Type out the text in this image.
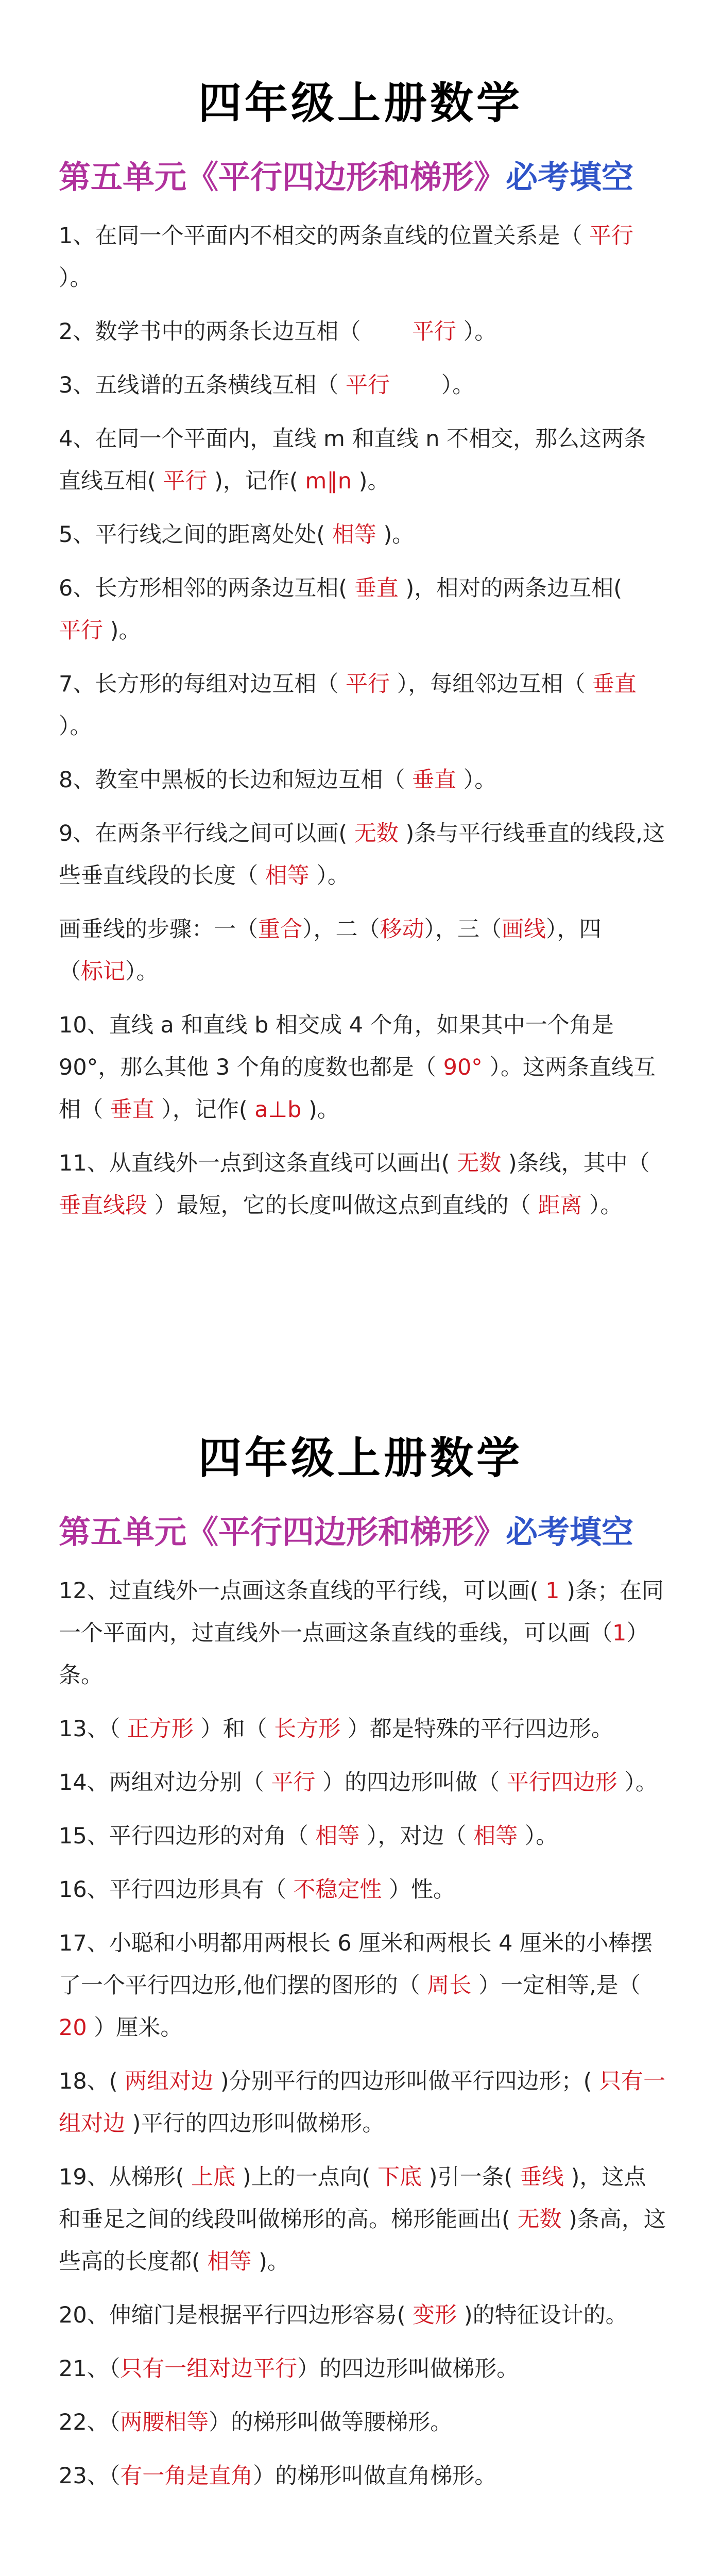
四年级上册数学
第五单元《平行四边形和梯形》必考填空
1、在同一个平面内不相交的两条直线的位置关系是（ 平行 ）。
2、数学书中的两条长边互相（ 　　平行 ）。
3、五线谱的五条横线互相（ 平行　　 ）。
4、在同一个平面内，直线 m 和直线 n 不相交，那么这两条直线互相( 平行 )，记作( m∥n )。
5、平行线之间的距离处处( 相等 )。
6、长方形相邻的两条边互相( 垂直 )，相对的两条边互相( 平行 )。
7、长方形的每组对边互相（ 平行 ），每组邻边互相（ 垂直 ）。
8、教室中黑板的长边和短边互相（ 垂直 ）。
9、在两条平行线之间可以画( 无数 )条与平行线垂直的线段,这些垂直线段的长度（ 相等 ）。
画垂线的步骤：一（重合），二（移动），三（画线），四（标记）。
10、直线 a 和直线 b 相交成 4 个角，如果其中一个角是 90°，那么其他 3 个角的度数也都是（ 90° ）。这两条直线互相（ 垂直 ），记作( a⊥b )。
11、从直线外一点到这条直线可以画出( 无数 )条线，其中（ 垂直线段 ）最短，它的长度叫做这点到直线的（ 距离 ）。
四年级上册数学
第五单元《平行四边形和梯形》必考填空
12、过直线外一点画这条直线的平行线，可以画( 1 )条；在同一个平面内，过直线外一点画这条直线的垂线，可以画（1）条。
13、（ 正方形 ）和（ 长方形 ）都是特殊的平行四边形。
14、两组对边分别（ 平行 ）的四边形叫做（ 平行四边形 ）。
15、平行四边形的对角（ 相等 ），对边（ 相等 ）。
16、平行四边形具有（ 不稳定性 ）性。
17、小聪和小明都用两根长 6 厘米和两根长 4 厘米的小棒摆了一个平行四边形,他们摆的图形的（ 周长 ）一定相等,是（ 20 ）厘米。
18、( 两组对边 )分别平行的四边形叫做平行四边形；( 只有一组对边 )平行的四边形叫做梯形。
19、从梯形( 上底 )上的一点向( 下底 )引一条( 垂线 )，这点和垂足之间的线段叫做梯形的高。梯形能画出( 无数 )条高，这些高的长度都( 相等 )。
20、伸缩门是根据平行四边形容易( 变形 )的特征设计的。
21、（只有一组对边平行）的四边形叫做梯形。
22、（两腰相等）的梯形叫做等腰梯形。
23、（有一角是直角）的梯形叫做直角梯形。
